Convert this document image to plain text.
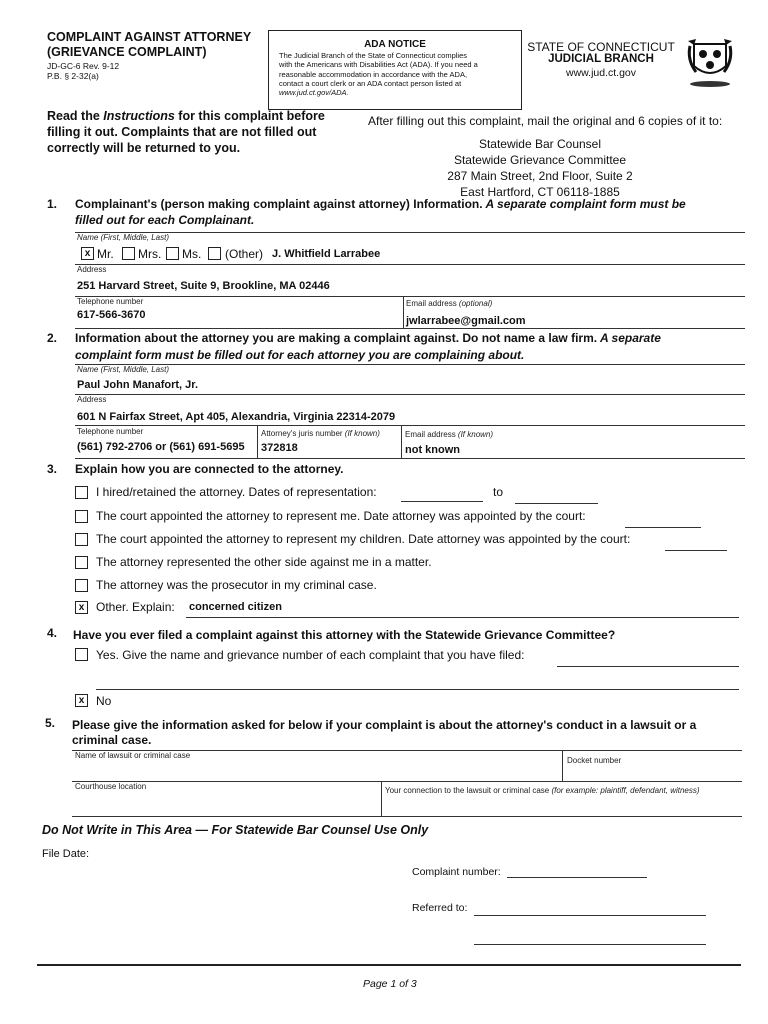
COMPLAINT AGAINST ATTORNEY
(GRIEVANCE COMPLAINT)
JD-GC-6 Rev. 9-12
P.B. § 2-32(a)
ADA NOTICE
The Judicial Branch of the State of Connecticut complies
with the Americans with Disabilities Act (ADA). If you need a
reasonable accommodation in accordance with the ADA,
contact a court clerk or an ADA contact person listed at
www.jud.ct.gov/ADA.
STATE OF CONNECTICUT
JUDICIAL BRANCH
www.jud.ct.gov
Read the Instructions for this complaint before
filling it out. Complaints that are not filled out
correctly will be returned to you.
After filling out this complaint, mail the original and 6 copies of it to:
Statewide Bar Counsel
Statewide Grievance Committee
287 Main Street, 2nd Floor, Suite 2
East Hartford, CT 06118-1885
1. Complainant's (person making complaint against attorney) Information. A separate complaint form must be
filled out for each Complainant.
Name (First, Middle, Last)
x Mr. Mrs. Ms. (Other) J. Whitfield Larrabee
Address
251 Harvard Street, Suite 9, Brookline, MA 02446
Telephone number
617-566-3670
Email address (optional)
jwlarrabee@gmail.com
2. Information about the attorney you are making a complaint against. Do not name a law firm. A separate
complaint form must be filled out for each attorney you are complaining about.
Name (First, Middle, Last)
Paul John Manafort, Jr.
Address
601 N Fairfax Street, Apt 405, Alexandria, Virginia 22314-2079
Telephone number
(561) 792-2706 or (561) 691-5695
Attorney's juris number (If known)
372818
Email address (If known)
not known
3. Explain how you are connected to the attorney.
I hired/retained the attorney. Dates of representation:	to
The court appointed the attorney to represent me. Date attorney was appointed by the court:
The court appointed the attorney to represent my children. Date attorney was appointed by the court:
The attorney represented the other side against me in a matter.
The attorney was the prosecutor in my criminal case.
x Other. Explain: concerned citizen
4. Have you ever filed a complaint against this attorney with the Statewide Grievance Committee?
Yes. Give the name and grievance number of each complaint that you have filed:
x No
5. Please give the information asked for below if your complaint is about the attorney's conduct in a lawsuit or a
criminal case.
Name of lawsuit or criminal case
Docket number
Courthouse location	Your connection to the lawsuit or criminal case (for example: plaintiff, defendant, witness)
Do Not Write in This Area — For Statewide Bar Counsel Use Only
File Date:
Complaint number:
Referred to:
Page 1 of 3
